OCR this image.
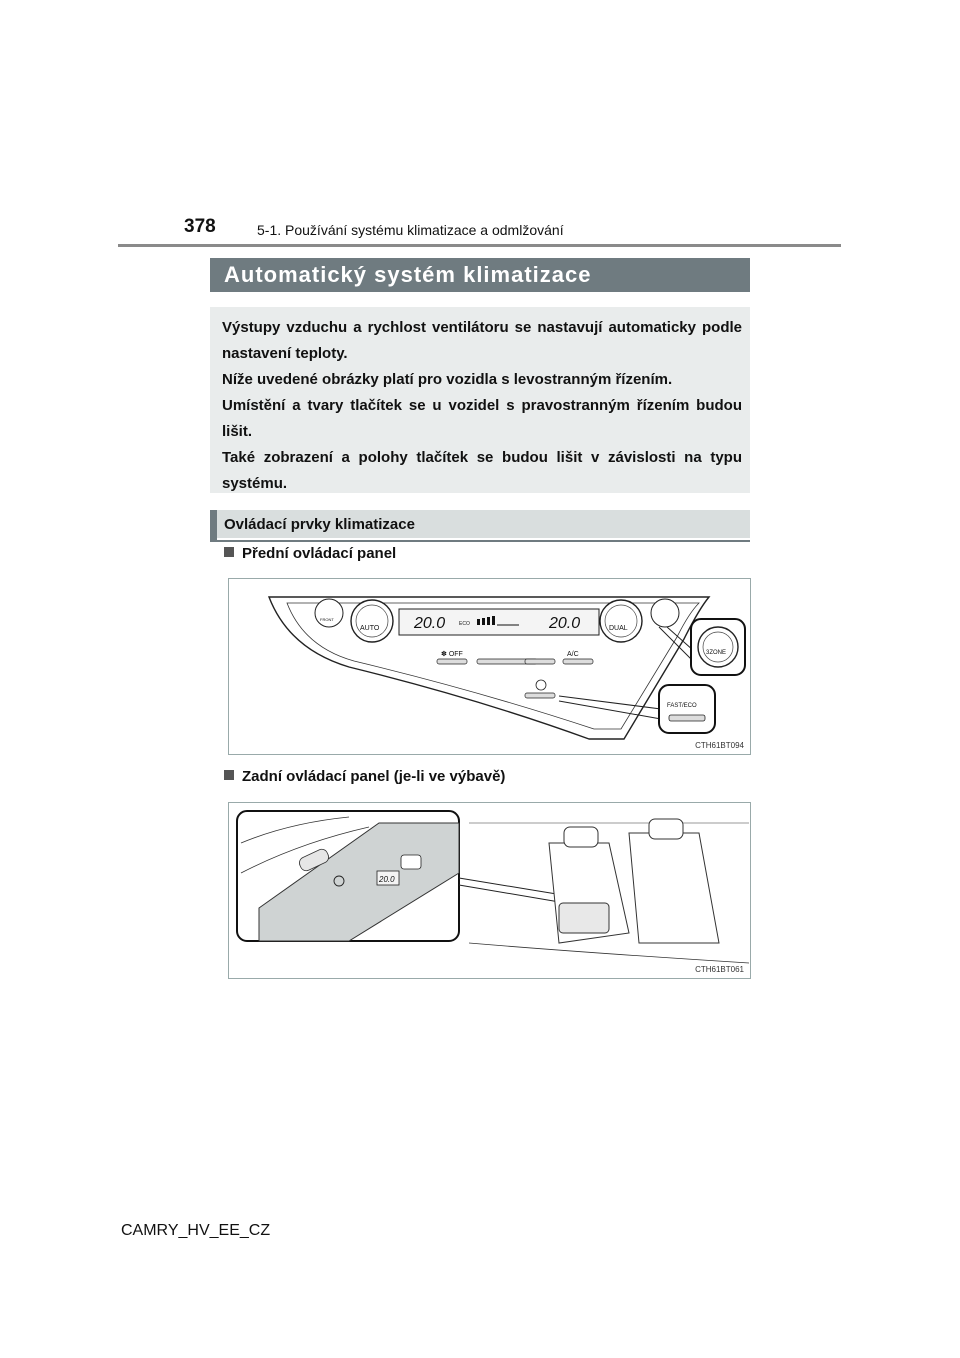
378	5-1. Používání systému klimatizace a odmlžování
Automatický systém klimatizace

Výstupy vzduchu a rychlost ventilátoru se nastavují automaticky podle nastavení teploty.

Níže uvedené obrázky platí pro vozidla s levostranným řízením.

Umístění a tvary tlačítek se u vozidel s pravostranným řízením budou lišit.

Také zobrazení a polohy tlačítek se budou lišit v závislosti na typu systému.

Ovládací prvky klimatizace
Přední ovládací panel
20.0	ECO	20.0
FRONT
AUTO	DUAL
✽ OFF	A/C	3ZONE
FAST/ECO
CTH61BT094
Zadní ovládací panel (je-li ve výbavě)
20.0
CTH61BT061
CAMRY_HV_EE_CZ
